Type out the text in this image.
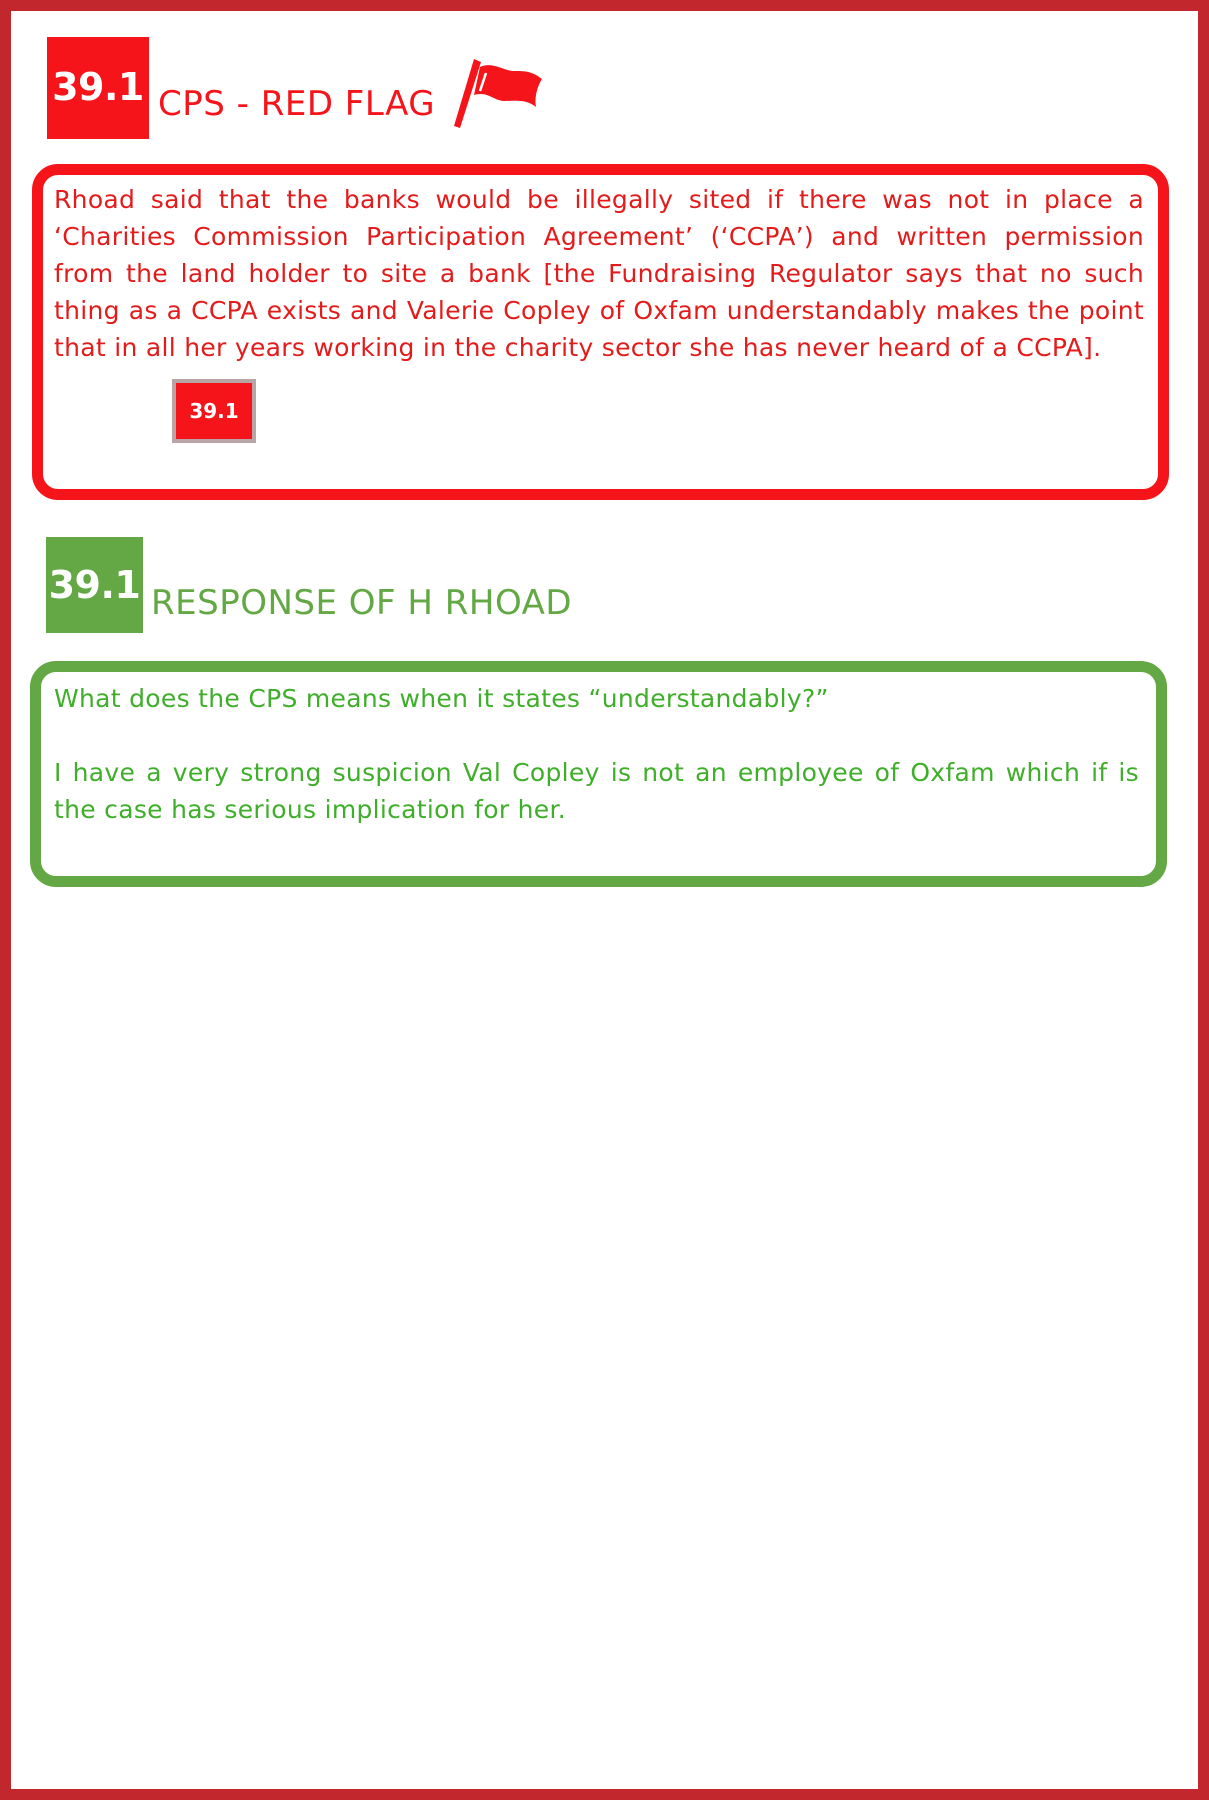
39.1 CPS - RED FLAG
Rhoad said that the banks would be illegally sited if there was not in place a ‘Charities Commission Participation Agreement’ (‘CCPA’) and written permission from the land holder to site a bank [the Fundraising Regulator says that no such thing as a CCPA exists and Valerie Copley of Oxfam understandably makes the point that in all her years working in the charity sector she has never heard of a CCPA].
39.1
39.1 RESPONSE OF H RHOAD

What does the CPS means when it states “understandably?”

I have a very strong suspicion Val Copley is not an employee of Oxfam which if is the case has serious implication for her.
